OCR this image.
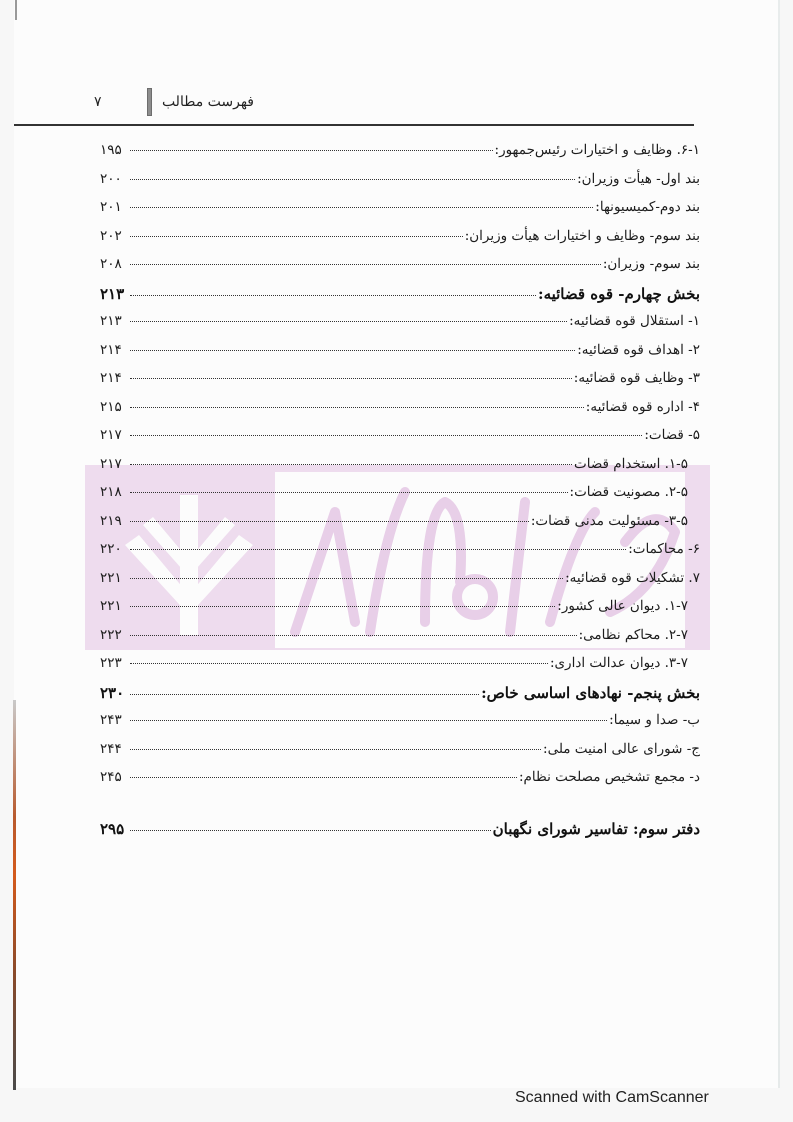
فهرست مطالب
۷
۶-۱. وظایف و اختیارات رئیس‌جمهور:
۱۹۵
بند اول- هیأت وزیران:
۲۰۰
بند دوم-کمیسیونها:
۲۰۱
بند سوم- وظایف و اختیارات هیأت وزیران:
۲۰۲
بند سوم- وزیران:
۲۰۸
بخش چهارم- قوه قضائیه:
۲۱۳
۱- استقلال قوه قضائیه:
۲۱۳
۲- اهداف قوه قضائیه:
۲۱۴
۳- وظایف قوه قضائیه:
۲۱۴
۴- اداره قوه قضائیه:
۲۱۵
۵- قضات:
۲۱۷
۱-۵. استخدام قضات
۲۱۷
۲-۵. مصونیت قضات:
۲۱۸
۳-۵- مسئولیت مدنی قضات:
۲۱۹
۶- محاکمات:
۲۲۰
۷. تشکیلات قوه قضائیه:
۲۲۱
۱-۷. دیوان عالی کشور:
۲۲۱
۲-۷. محاکم نظامی:
۲۲۲
۳-۷. دیوان عدالت اداری:
۲۲۳
بخش پنجم- نهادهای اساسی خاص:
۲۳۰
ب- صدا و سیما:
۲۴۳
ج- شورای عالی امنیت ملی:
۲۴۴
د- مجمع تشخیص مصلحت نظام:
۲۴۵
دفتر سوم: تفاسیر شورای نگهبان
۲۹۵
Scanned with CamScanner
